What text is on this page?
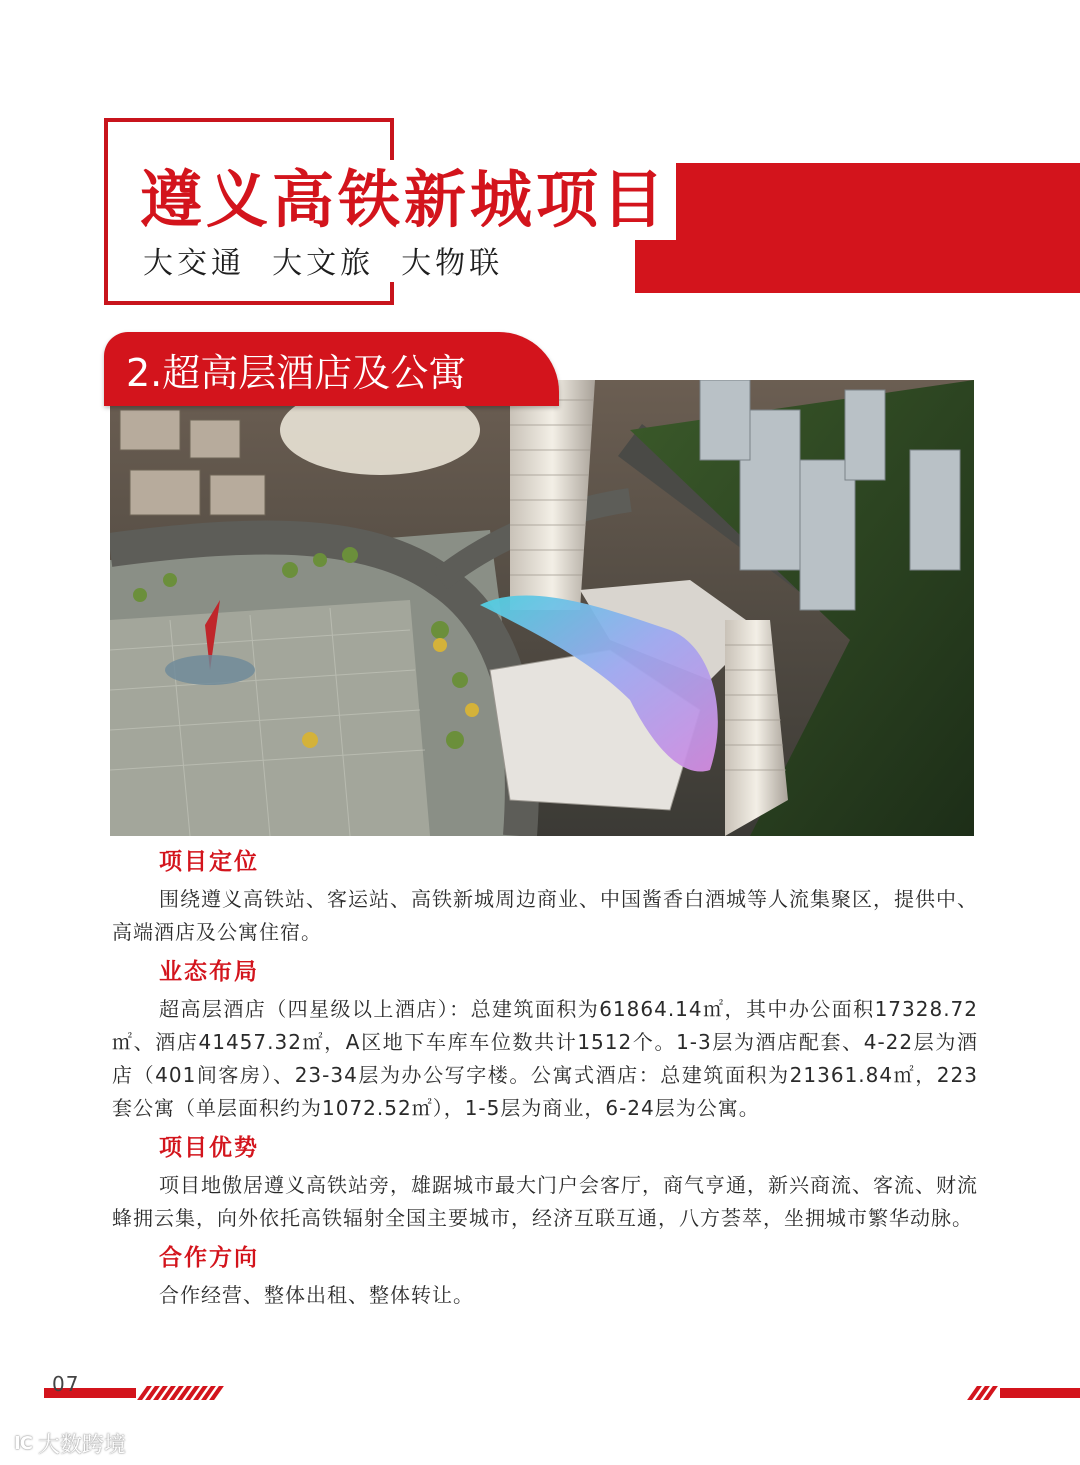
遵义高铁新城项目
大交通  大文旅  大物联
2.超高层酒店及公寓
项目定位

围绕遵义高铁站、客运站、高铁新城周边商业、中国酱香白酒城等人流集聚区，提供中、高端酒店及公寓住宿。

业态布局

超高层酒店（四星级以上酒店）：总建筑面积为61864.14㎡，其中办公面积17328.72㎡、酒店41457.32㎡，A区地下车库车位数共计1512个。1-3层为酒店配套、4-22层为酒店（401间客房）、23-34层为办公写字楼。公寓式酒店：总建筑面积为21361.84㎡，223套公寓（单层面积约为1072.52㎡），1-5层为商业，6-24层为公寓。

项目优势

项目地傲居遵义高铁站旁，雄踞城市最大门户会客厅，商气亨通，新兴商流、客流、财流蜂拥云集，向外依托高铁辐射全国主要城市，经济互联互通，八方荟萃，坐拥城市繁华动脉。

合作方向

合作经营、整体出租、整体转让。

07
IC 大数跨境
